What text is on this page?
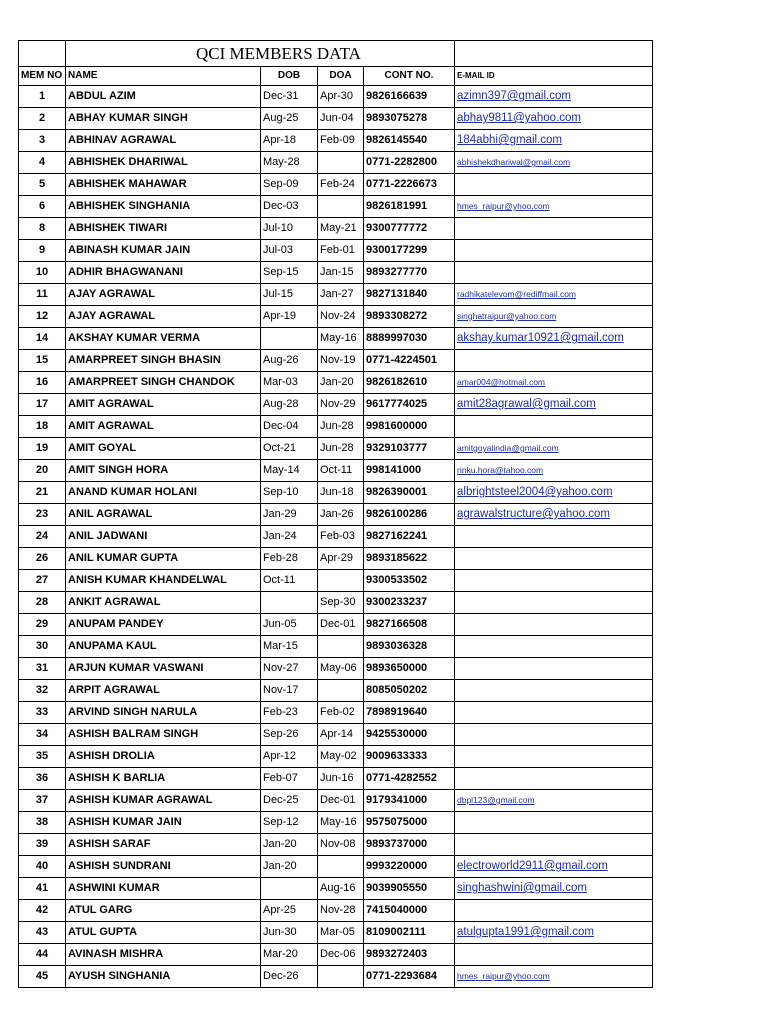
	QCI MEMBERS DATA				
MEM NO	NAME	DOB	DOA	CONT NO.	E-MAIL ID
1	ABDUL AZIM	Dec-31	Apr-30	9826166639	azimn397@gmail.com
2	ABHAY KUMAR SINGH	Aug-25	Jun-04	9893075278	abhay9811@yahoo.com
3	ABHINAV AGRAWAL	Apr-18	Feb-09	9826145540	184abhi@gmail.com
4	ABHISHEK DHARIWAL	May-28		0771-2282800	abhishekdhariwal@gmail.com
5	ABHISHEK MAHAWAR	Sep-09	Feb-24	0771-2226673	
6	ABHISHEK SINGHANIA	Dec-03		9826181991	hmes_raipur@yhoo.com
8	ABHISHEK TIWARI	Jul-10	May-21	9300777772	
9	ABINASH KUMAR JAIN	Jul-03	Feb-01	9300177299	
10	ADHIR BHAGWANANI	Sep-15	Jan-15	9893277770	
11	AJAY AGRAWAL	Jul-15	Jan-27	9827131840	radhikatelevom@rediffmail.com
12	AJAY AGRAWAL	Apr-19	Nov-24	9893308272	singhatraipur@yahoo.com
14	AKSHAY KUMAR VERMA		May-16	8889997030	akshay.kumar10921@gmail.com
15	AMARPREET SINGH BHASIN	Aug-26	Nov-19	0771-4224501	
16	AMARPREET SINGH CHANDOK	Mar-03	Jan-20	9826182610	amar004@hotmail.com
17	AMIT AGRAWAL	Aug-28	Nov-29	9617774025	amit28agrawal@gmail.com
18	AMIT AGRAWAL	Dec-04	Jun-28	9981600000	
19	AMIT GOYAL	Oct-21	Jun-28	9329103777	amitgoyalindia@gmail.com
20	AMIT SINGH HORA	May-14	Oct-11	998141000	rinku.hora@tahoo.com
21	ANAND KUMAR HOLANI	Sep-10	Jun-18	9826390001	albrightsteel2004@yahoo.com
23	ANIL AGRAWAL	Jan-29	Jan-26	9826100286	agrawalstructure@yahoo.com
24	ANIL JADWANI	Jan-24	Feb-03	9827162241	
26	ANIL KUMAR GUPTA	Feb-28	Apr-29	9893185622	
27	ANISH KUMAR KHANDELWAL	Oct-11		9300533502	
28	ANKIT AGRAWAL		Sep-30	9300233237	
29	ANUPAM PANDEY	Jun-05	Dec-01	9827166508	
30	ANUPAMA KAUL	Mar-15		9893036328	
31	ARJUN KUMAR VASWANI	Nov-27	May-06	9893650000	
32	ARPIT AGRAWAL	Nov-17		8085050202	
33	ARVIND SINGH NARULA	Feb-23	Feb-02	7898919640	
34	ASHISH BALRAM SINGH	Sep-26	Apr-14	9425530000	
35	ASHISH DROLIA	Apr-12	May-02	9009633333	
36	ASHISH K BARLIA	Feb-07	Jun-16	0771-4282552	
37	ASHISH KUMAR AGRAWAL	Dec-25	Dec-01	9179341000	dbpl123@gmail.com
38	ASHISH KUMAR JAIN	Sep-12	May-16	9575075000	
39	ASHISH SARAF	Jan-20	Nov-08	9893737000	
40	ASHISH SUNDRANI	Jan-20		9993220000	electroworld2911@gmail.com
41	ASHWINI KUMAR		Aug-16	9039905550	singhashwini@gmail.com
42	ATUL GARG	Apr-25	Nov-28	7415040000	
43	ATUL GUPTA	Jun-30	Mar-05	8109002111	atulgupta1991@gmail.com
44	AVINASH MISHRA	Mar-20	Dec-06	9893272403	
45	AYUSH SINGHANIA	Dec-26		0771-2293684	hmes_raipur@yhoo.com
